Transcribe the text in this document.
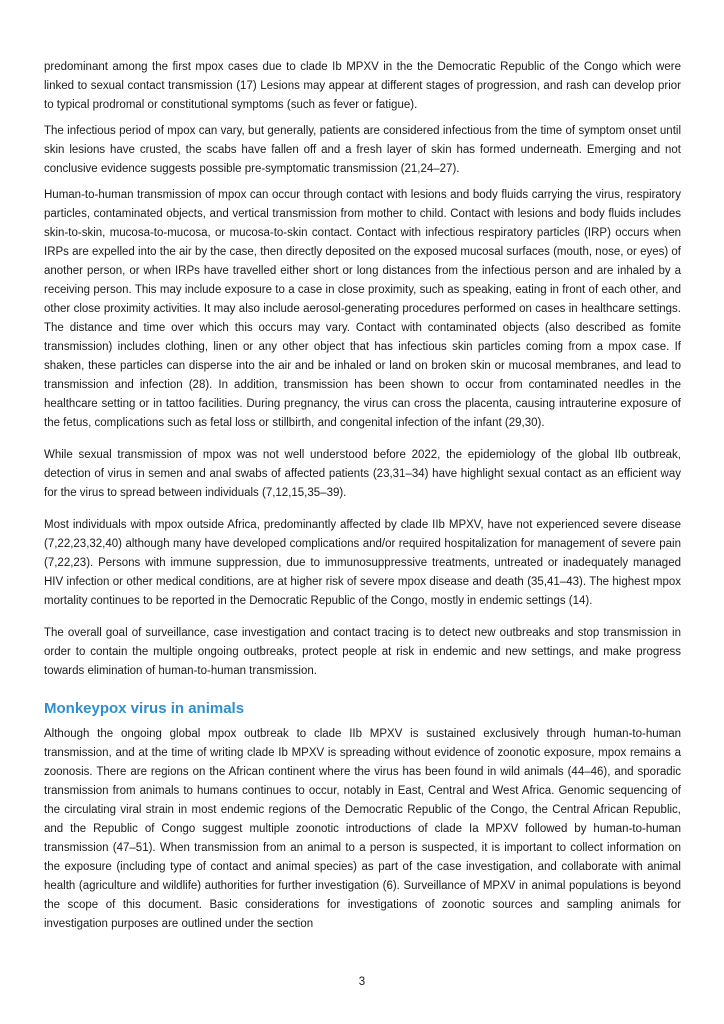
predominant among the first mpox cases due to clade Ib MPXV in the the Democratic Republic of the Congo which were linked to sexual contact transmission (17) Lesions may appear at different stages of progression, and rash can develop prior to typical prodromal or constitutional symptoms (such as fever or fatigue).

The infectious period of mpox can vary, but generally, patients are considered infectious from the time of symptom onset until skin lesions have crusted, the scabs have fallen off and a fresh layer of skin has formed underneath. Emerging and not conclusive evidence suggests possible pre-symptomatic transmission (21,24–27).

Human-to-human transmission of mpox can occur through contact with lesions and body fluids carrying the virus, respiratory particles, contaminated objects, and vertical transmission from mother to child. Contact with lesions and body fluids includes skin-to-skin, mucosa-to-mucosa, or mucosa-to-skin contact. Contact with infectious respiratory particles (IRP) occurs when IRPs are expelled into the air by the case, then directly deposited on the exposed mucosal surfaces (mouth, nose, or eyes) of another person, or when IRPs have travelled either short or long distances from the infectious person and are inhaled by a receiving person. This may include exposure to a case in close proximity, such as speaking, eating in front of each other, and other close proximity activities. It may also include aerosol-generating procedures performed on cases in healthcare settings. The distance and time over which this occurs may vary. Contact with contaminated objects (also described as fomite transmission) includes clothing, linen or any other object that has infectious skin particles coming from a mpox case. If shaken, these particles can disperse into the air and be inhaled or land on broken skin or mucosal membranes, and lead to transmission and infection (28). In addition, transmission has been shown to occur from contaminated needles in the healthcare setting or in tattoo facilities. During pregnancy, the virus can cross the placenta, causing intrauterine exposure of the fetus, complications such as fetal loss or stillbirth, and congenital infection of the infant (29,30).

While sexual transmission of mpox was not well understood before 2022, the epidemiology of the global IIb outbreak, detection of virus in semen and anal swabs of affected patients (23,31–34) have highlight sexual contact as an efficient way for the virus to spread between individuals (7,12,15,35–39).

Most individuals with mpox outside Africa, predominantly affected by clade IIb MPXV, have not experienced severe disease (7,22,23,32,40) although many have developed complications and/or required hospitalization for management of severe pain (7,22,23). Persons with immune suppression, due to immunosuppressive treatments, untreated or inadequately managed HIV infection or other medical conditions, are at higher risk of severe mpox disease and death (35,41–43). The highest mpox mortality continues to be reported in the Democratic Republic of the Congo, mostly in endemic settings (14).

The overall goal of surveillance, case investigation and contact tracing is to detect new outbreaks and stop transmission in order to contain the multiple ongoing outbreaks, protect people at risk in endemic and new settings, and make progress towards elimination of human-to-human transmission.

Monkeypox virus in animals

Although the ongoing global mpox outbreak to clade IIb MPXV is sustained exclusively through human-to-human transmission, and at the time of writing clade Ib MPXV is spreading without evidence of zoonotic exposure, mpox remains a zoonosis. There are regions on the African continent where the virus has been found in wild animals (44–46), and sporadic transmission from animals to humans continues to occur, notably in East, Central and West Africa. Genomic sequencing of the circulating viral strain in most endemic regions of the Democratic Republic of the Congo, the Central African Republic, and the Republic of Congo suggest multiple zoonotic introductions of clade Ia MPXV followed by human-to-human transmission (47–51). When transmission from an animal to a person is suspected, it is important to collect information on the exposure (including type of contact and animal species) as part of the case investigation, and collaborate with animal health (agriculture and wildlife) authorities for further investigation (6). Surveillance of MPXV in animal populations is beyond the scope of this document. Basic considerations for investigations of zoonotic sources and sampling animals for investigation purposes are outlined under the section

3
